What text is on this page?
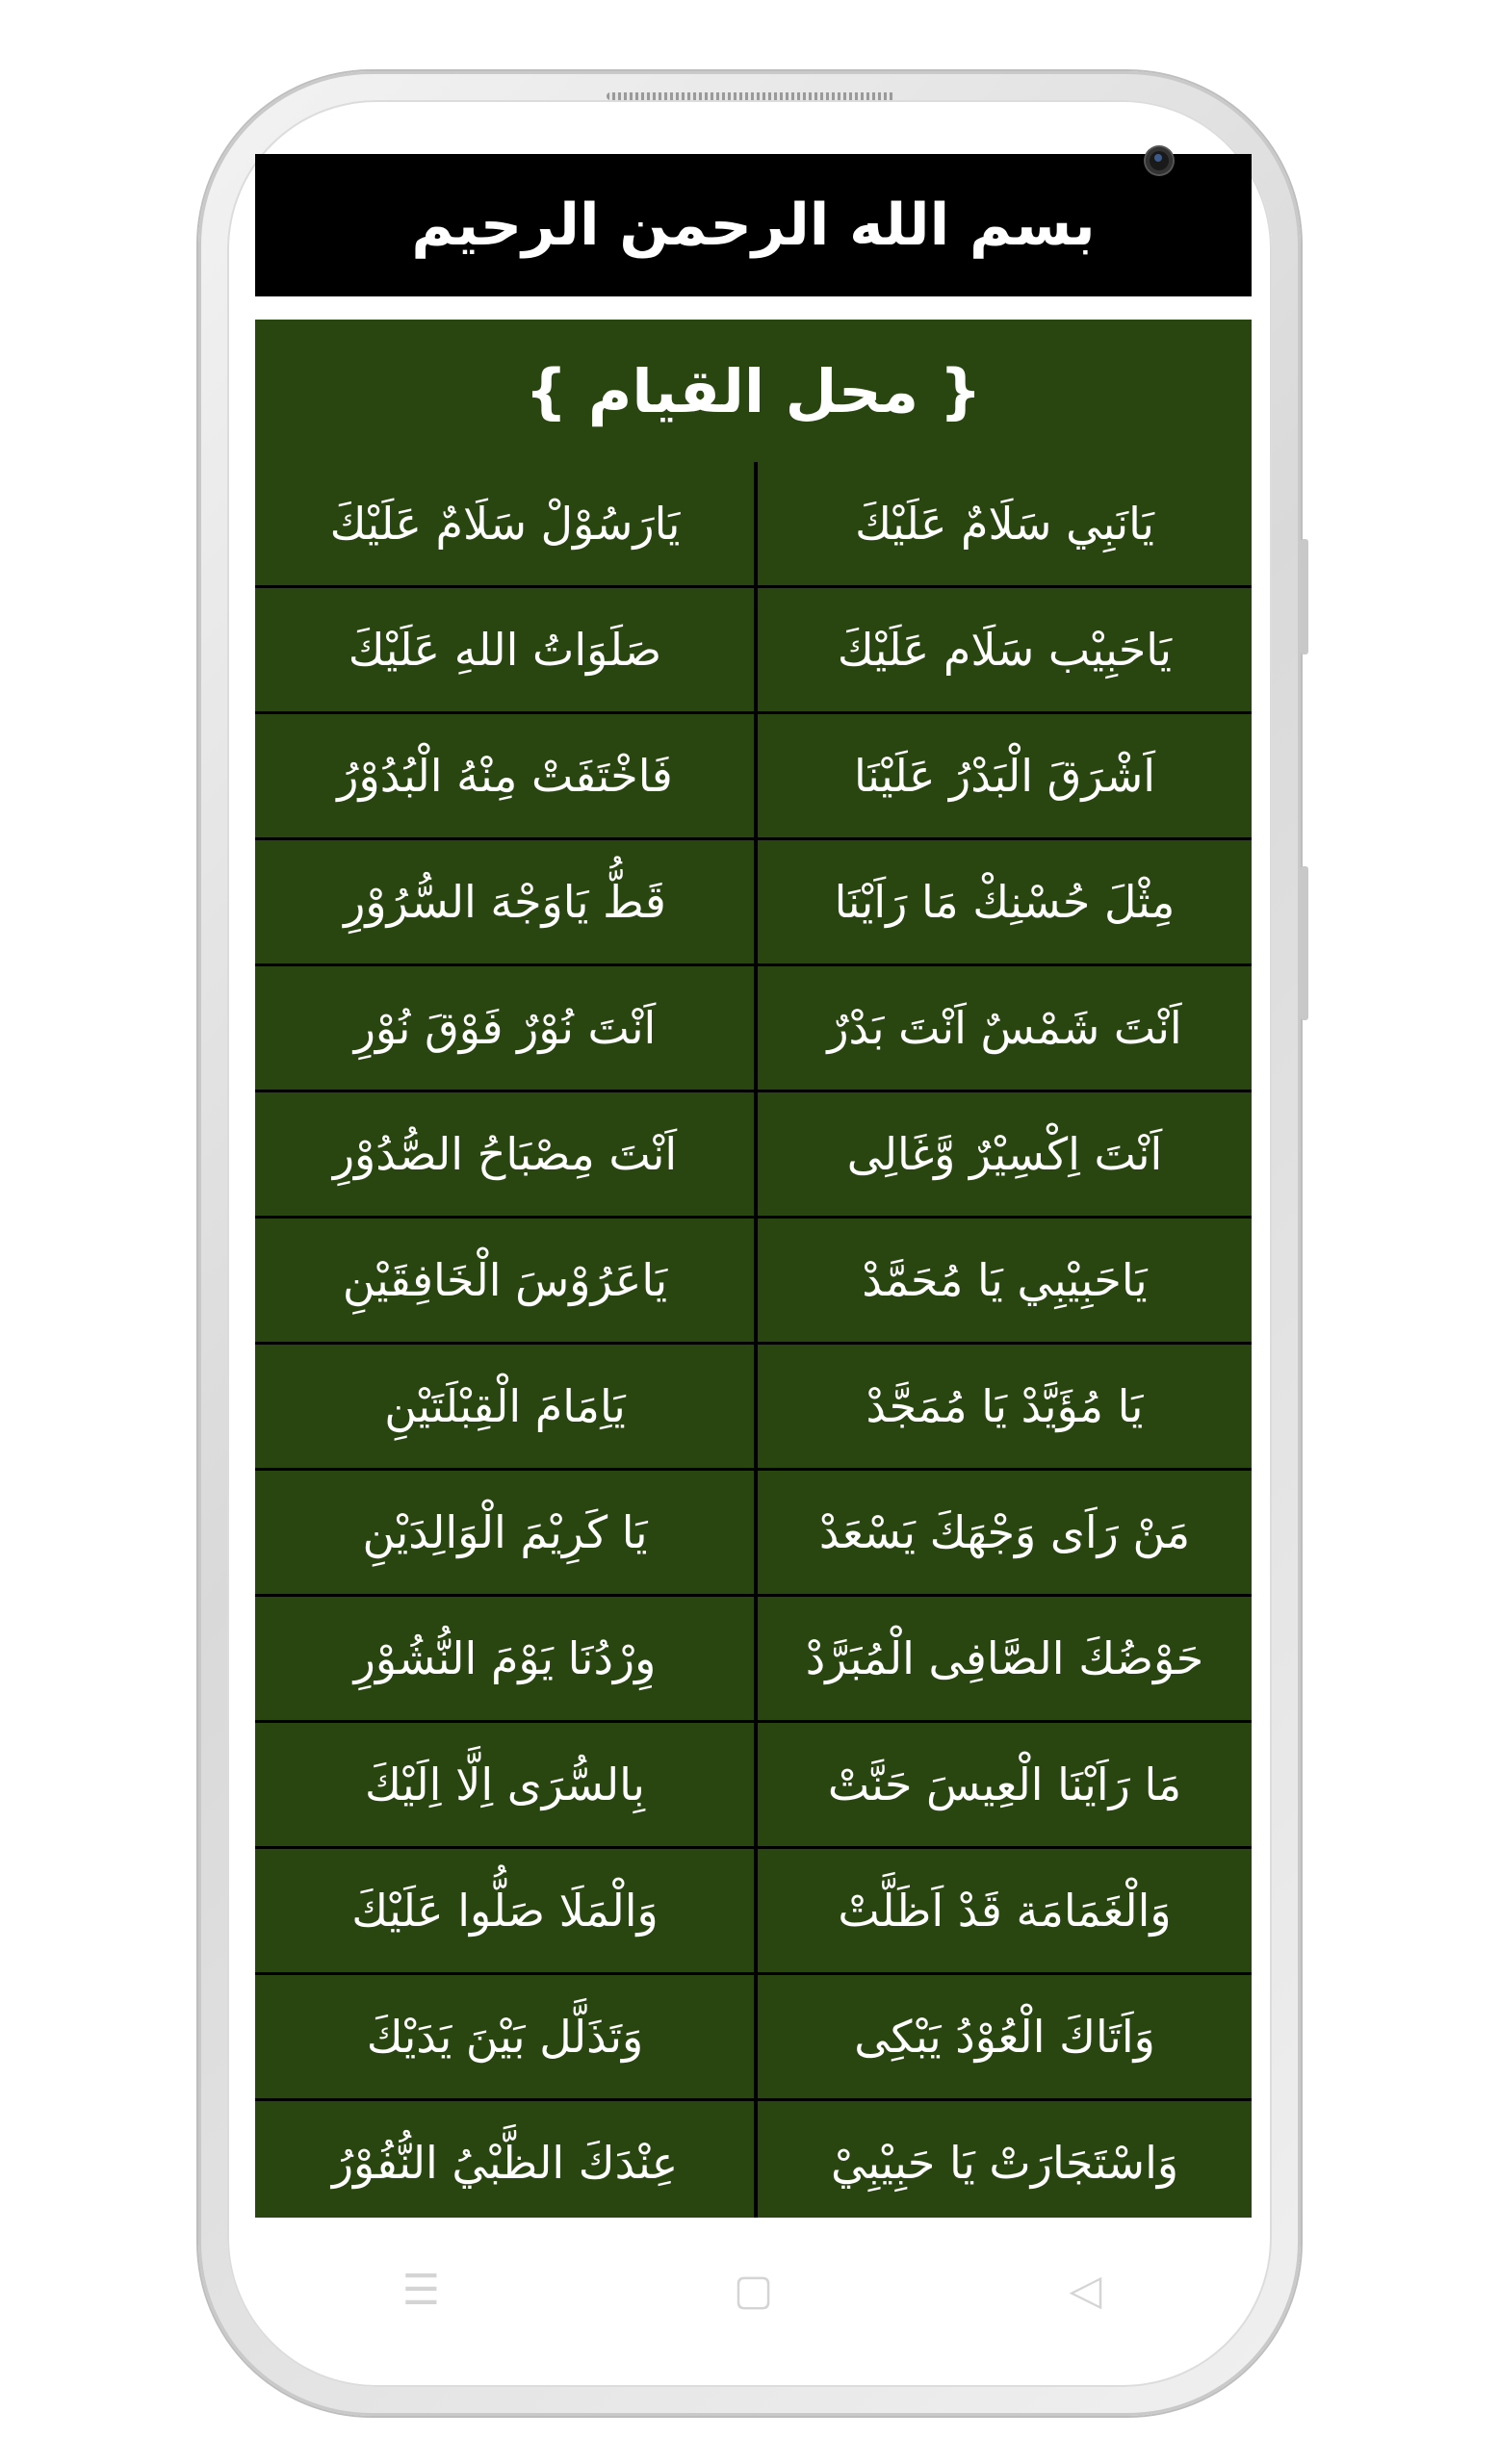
بسم الله الرحمن الرحيم
{ محل القيام }
يَانَبِي سَلَامٌ عَلَيْكَ
يَارَسُوْلْ سَلَامٌ عَلَيْكَ
يَاحَبِيْب سَلَام عَلَيْكَ
صَلَوَاتُ اللهِ عَلَيْكَ
اَشْرَقَ الْبَدْرُ عَلَيْنَا
فَاخْتَفَتْ مِنْهُ الْبُدُوْرُ
مِثْلَ حُسْنِكْ مَا رَاَيْنَا
قَطُّ يَاوَجْهَ السُّرُوْرِ
اَنْتَ شَمْسٌ اَنْتَ بَدْرٌ
اَنْتَ نُوْرٌ فَوْقَ نُوْرِ
اَنْتَ اِكْسِيْرٌ وَّغَالِى
اَنْتَ مِصْبَاحُ الصُّدُوْرِ
يَاحَبِيْبِي يَا مُحَمَّدْ
يَاعَرُوْسَ الْخَافِقَيْنِ
يَا مُؤَيَّدْ يَا مُمَجَّدْ
يَاِمَامَ الْقِبْلَتَيْنِ
مَنْ رَاَى وَجْهَكَ يَسْعَدْ
يَا كَرِيْمَ الْوَالِدَيْنِ
حَوْضُكَ الصَّافِى الْمُبَرَّدْ
وِرْدُنَا يَوْمَ النُّشُوْرِ
مَا رَاَيْنَا الْعِيسَ حَنَّتْ
بِالسُّرَى اِلَّا اِلَيْكَ
وَالْغَمَامَة قَدْ اَظَلَّتْ
وَالْمَلَا صَلُّوا عَلَيْكَ
وَاَتَاكَ الْعُوْدُ يَبْكِى
وَتَذَلَّل بَيْنَ يَدَيْكَ
وَاسْتَجَارَتْ يَا حَبِيْبِيْ
عِنْدَكَ الظَّبْيُ النُّفُوْرُ
☰	▢	◁
